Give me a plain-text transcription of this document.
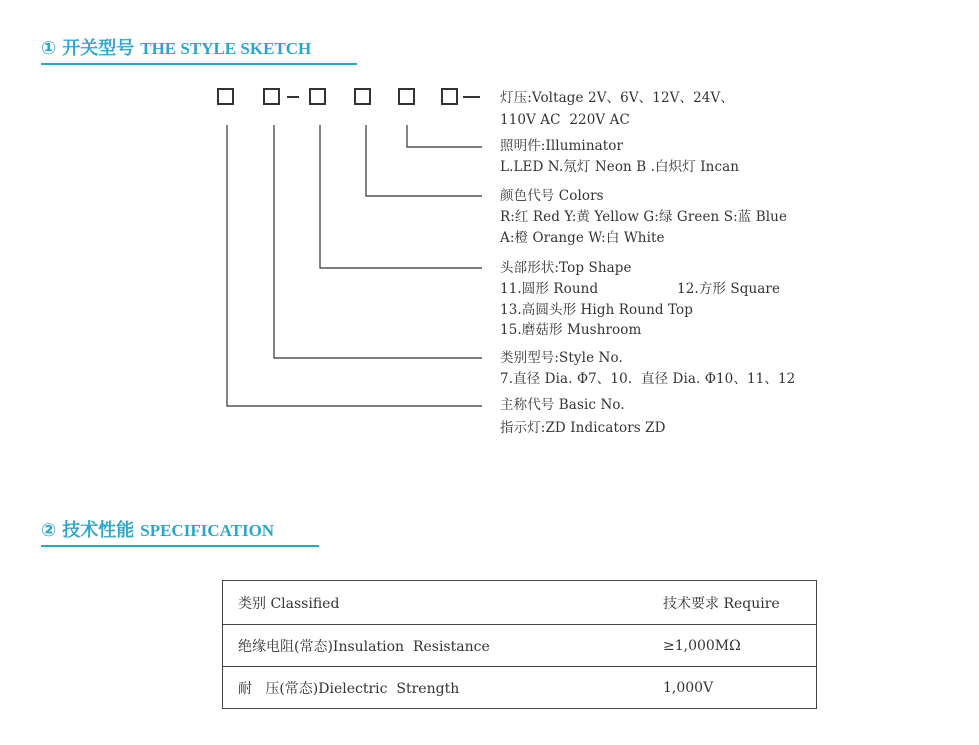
① 开关型号 THE STYLE SKETCH
灯压:Voltage 2V、6V、12V、24V、
110V AC  220V AC
照明件:Illuminator
L.LED N.氖灯 Neon B .白炽灯 Incan
颜色代号 Colors
R:红 Red Y:黄 Yellow G:绿 Green S:蓝 Blue
A:橙 Orange W:白 White
头部形状:Top Shape
11.圆形 Round	12.方形 Square
13.高圆头形 High Round Top
15.磨菇形 Mushroom
类别型号:Style No.
7.直径 Dia. Φ7、10.  直径 Dia. Φ10、11、12
主称代号 Basic No.
指示灯:ZD Indicators ZD
② 技术性能 SPECIFICATION
类别 Classified	技术要求 Require
绝缘电阻(常态)Insulation  Resistance	≥1,000MΩ
耐   压(常态)Dielectric  Strength	1,000V
